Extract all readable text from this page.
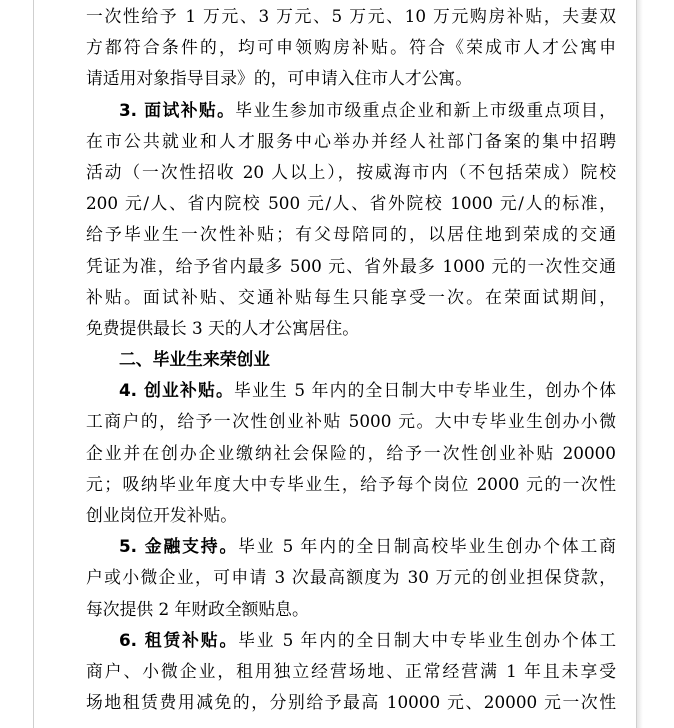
一次性给予 1 万元、3 万元、5 万元、10 万元购房补贴，夫妻双
方都符合条件的，均可申领购房补贴。符合《荣成市人才公寓申
请适用对象指导目录》的，可申请入住市人才公寓。
3. 面试补贴。毕业生参加市级重点企业和新上市级重点项目，
在市公共就业和人才服务中心举办并经人社部门备案的集中招聘
活动（一次性招收 20 人以上），按威海市内（不包括荣成）院校
200 元/人、省内院校 500 元/人、省外院校 1000 元/人的标准，
给予毕业生一次性补贴；有父母陪同的，以居住地到荣成的交通
凭证为准，给予省内最多 500 元、省外最多 1000 元的一次性交通
补贴。面试补贴、交通补贴每生只能享受一次。在荣面试期间，
免费提供最长 3 天的人才公寓居住。
二、毕业生来荣创业
4. 创业补贴。毕业生 5 年内的全日制大中专毕业生，创办个体
工商户的，给予一次性创业补贴 5000 元。大中专毕业生创办小微
企业并在创办企业缴纳社会保险的，给予一次性创业补贴 20000
元；吸纳毕业年度大中专毕业生，给予每个岗位 2000 元的一次性
创业岗位开发补贴。
5. 金融支持。毕业 5 年内的全日制高校毕业生创办个体工商
户或小微企业，可申请 3 次最高额度为 30 万元的创业担保贷款，
每次提供 2 年财政全额贴息。
6. 租赁补贴。毕业 5 年内的全日制大中专毕业生创办个体工
商户、小微企业，租用独立经营场地、正常经营满 1 年且未享受
场地租赁费用减免的，分别给予最高 10000 元、20000 元一次性
